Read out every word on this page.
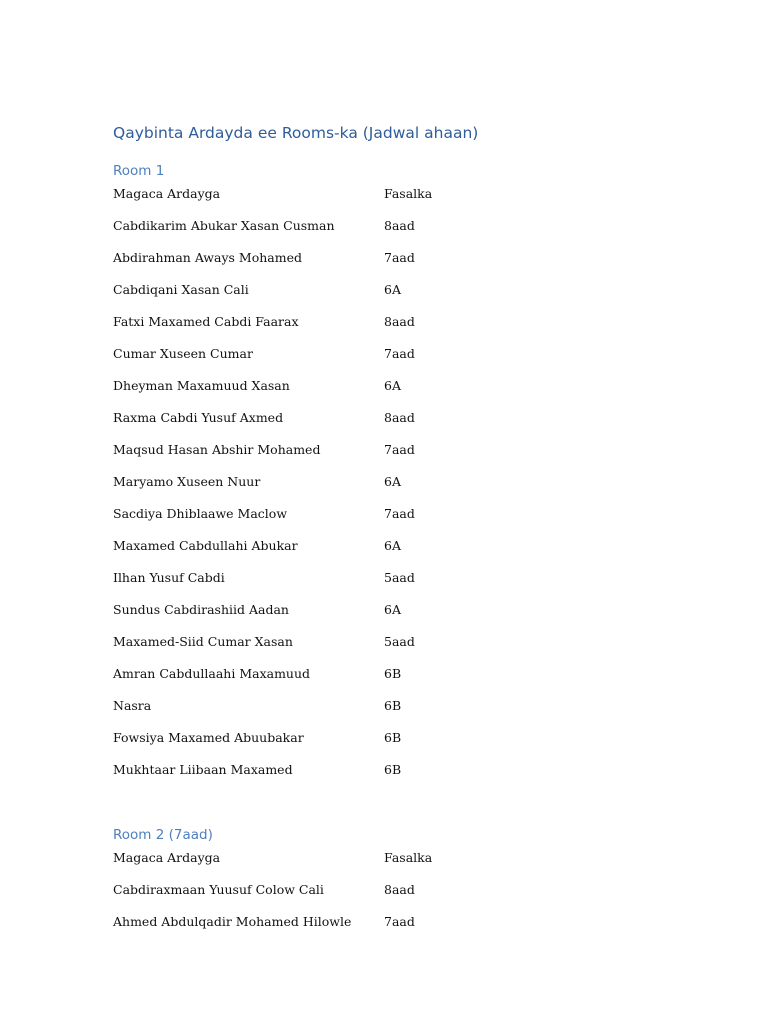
Qaybinta Ardayda ee Rooms-ka (Jadwal ahaan)
Room 1
Magaca Ardayga	Fasalka
Cabdikarim Abukar Xasan Cusman	8aad
Abdirahman Aways Mohamed	7aad
Cabdiqani Xasan Cali	6A
Fatxi Maxamed Cabdi Faarax	8aad
Cumar Xuseen Cumar	7aad
Dheyman Maxamuud Xasan	6A
Raxma Cabdi Yusuf Axmed	8aad
Maqsud Hasan Abshir Mohamed	7aad
Maryamo Xuseen Nuur	6A
Sacdiya Dhiblaawe Maclow	7aad
Maxamed Cabdullahi Abukar	6A
Ilhan Yusuf Cabdi	5aad
Sundus Cabdirashiid Aadan	6A
Maxamed-Siid Cumar Xasan	5aad
Amran Cabdullaahi Maxamuud	6B
Nasra	6B
Fowsiya Maxamed Abuubakar	6B
Mukhtaar Liibaan Maxamed	6B
Room 2 (7aad)
Magaca Ardayga	Fasalka
Cabdiraxmaan Yuusuf Colow Cali	8aad
Ahmed Abdulqadir Mohamed Hilowle	7aad
